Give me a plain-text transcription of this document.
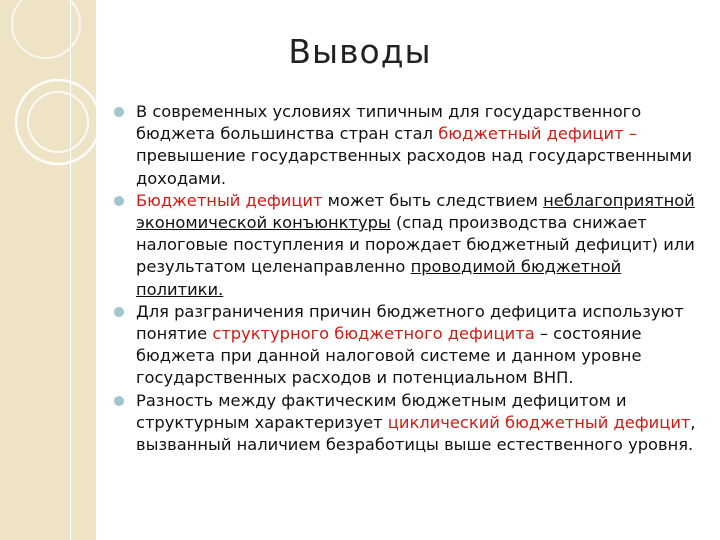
Выводы
В современных условиях типичным для государственного бюджета большинства стран стал бюджетный дефицит – превышение государственных расходов над государственными доходами.
Бюджетный дефицит может быть следствием неблагоприятной экономической конъюнктуры (спад производства снижает налоговые поступления и порождает бюджетный дефицит) или результатом целенаправленно проводимой бюджетной политики.
Для разграничения причин бюджетного дефицита используют понятие структурного бюджетного дефицита – состояние бюджета при данной налоговой системе и данном уровне государственных расходов и потенциальном ВНП.
Разность между фактическим бюджетным дефицитом и структурным характеризует циклический бюджетный дефицит, вызванный наличием безработицы выше естественного уровня.
